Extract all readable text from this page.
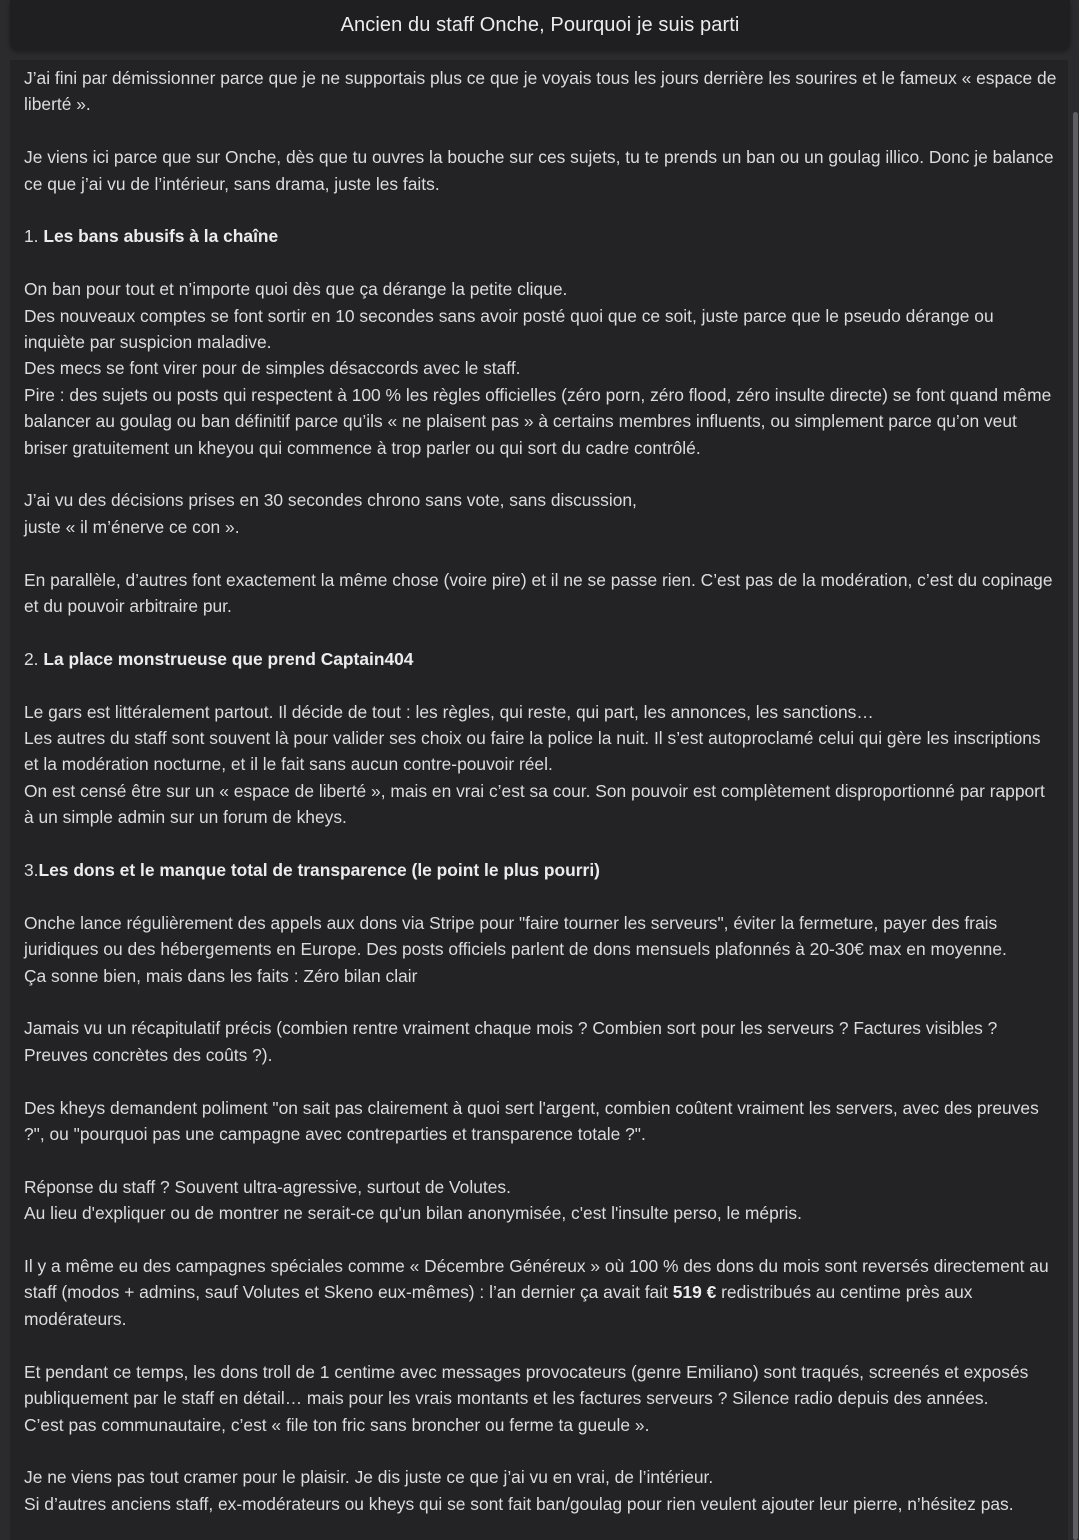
Ancien du staff Onche, Pourquoi je suis parti

J’ai fini par démissionner parce que je ne supportais plus ce que je voyais tous les jours derrière les sourires et le fameux « espace de liberté ».

Je viens ici parce que sur Onche, dès que tu ouvres la bouche sur ces sujets, tu te prends un ban ou un goulag illico. Donc je balance ce que j’ai vu de l’intérieur, sans drama, juste les faits.

1. Les bans abusifs à la chaîne

On ban pour tout et n’importe quoi dès que ça dérange la petite clique.
Des nouveaux comptes se font sortir en 10 secondes sans avoir posté quoi que ce soit, juste parce que le pseudo dérange ou inquiète par suspicion maladive.
Des mecs se font virer pour de simples désaccords avec le staff.
Pire : des sujets ou posts qui respectent à 100 % les règles officielles (zéro porn, zéro flood, zéro insulte directe) se font quand même balancer au goulag ou ban définitif parce qu’ils « ne plaisent pas » à certains membres influents, ou simplement parce qu’on veut briser gratuitement un kheyou qui commence à trop parler ou qui sort du cadre contrôlé.

J’ai vu des décisions prises en 30 secondes chrono sans vote, sans discussion,
juste « il m’énerve ce con ».

En parallèle, d’autres font exactement la même chose (voire pire) et il ne se passe rien. C’est pas de la modération, c’est du copinage et du pouvoir arbitraire pur.

2. La place monstrueuse que prend Captain404

Le gars est littéralement partout. Il décide de tout : les règles, qui reste, qui part, les annonces, les sanctions…
Les autres du staff sont souvent là pour valider ses choix ou faire la police la nuit. Il s’est autoproclamé celui qui gère les inscriptions et la modération nocturne, et il le fait sans aucun contre-pouvoir réel.
On est censé être sur un « espace de liberté », mais en vrai c’est sa cour. Son pouvoir est complètement disproportionné par rapport à un simple admin sur un forum de kheys.

3.Les dons et le manque total de transparence (le point le plus pourri)

Onche lance régulièrement des appels aux dons via Stripe pour "faire tourner les serveurs", éviter la fermeture, payer des frais juridiques ou des hébergements en Europe. Des posts officiels parlent de dons mensuels plafonnés à 20-30€ max en moyenne.
Ça sonne bien, mais dans les faits : Zéro bilan clair

Jamais vu un récapitulatif précis (combien rentre vraiment chaque mois ? Combien sort pour les serveurs ? Factures visibles ? Preuves concrètes des coûts ?).

Des kheys demandent poliment "on sait pas clairement à quoi sert l'argent, combien coûtent vraiment les servers, avec des preuves ?", ou "pourquoi pas une campagne avec contreparties et transparence totale ?".

Réponse du staff ? Souvent ultra-agressive, surtout de Volutes.
Au lieu d'expliquer ou de montrer ne serait-ce qu'un bilan anonymisée, c'est l'insulte perso, le mépris.

Il y a même eu des campagnes spéciales comme « Décembre Généreux » où 100 % des dons du mois sont reversés directement au staff (modos + admins, sauf Volutes et Skeno eux-mêmes) : l’an dernier ça avait fait 519 € redistribués au centime près aux modérateurs.

Et pendant ce temps, les dons troll de 1 centime avec messages provocateurs (genre Emiliano) sont traqués, screenés et exposés publiquement par le staff en détail… mais pour les vrais montants et les factures serveurs ? Silence radio depuis des années.
C’est pas communautaire, c’est « file ton fric sans broncher ou ferme ta gueule ».

Je ne viens pas tout cramer pour le plaisir. Je dis juste ce que j’ai vu en vrai, de l’intérieur.
Si d’autres anciens staff, ex-modérateurs ou kheys qui se sont fait ban/goulag pour rien veulent ajouter leur pierre, n’hésitez pas.
